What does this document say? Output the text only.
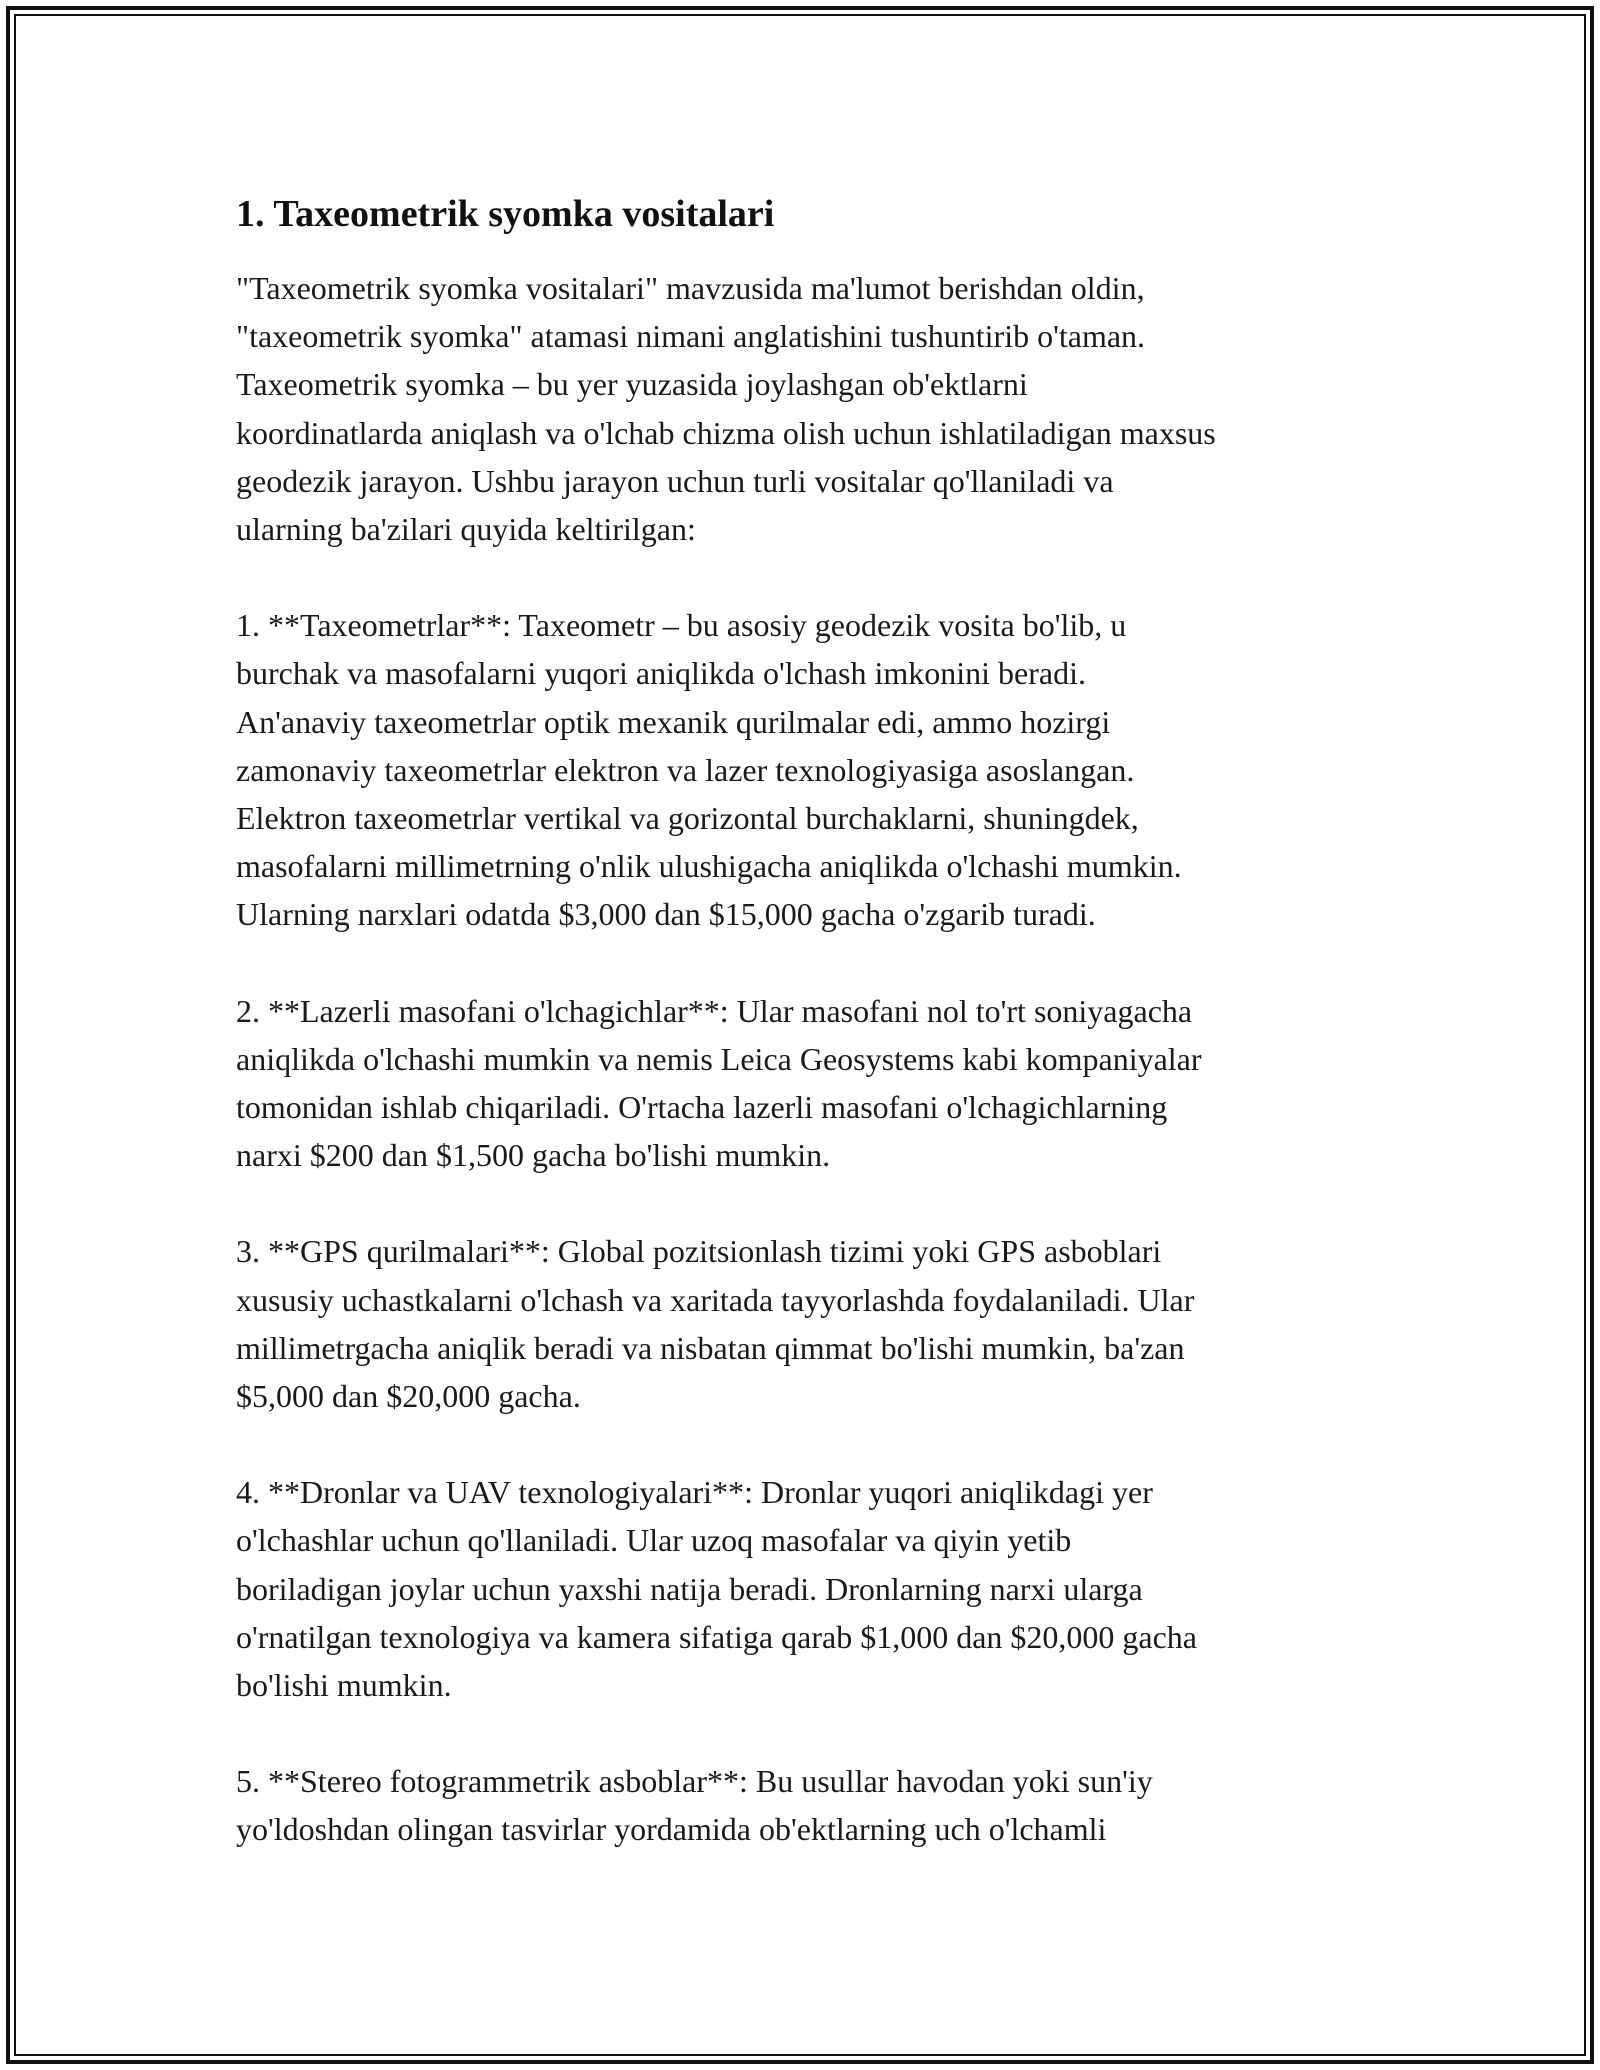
1. Taxeometrik syomka vositalari

"Taxeometrik syomka vositalari" mavzusida ma'lumot berishdan oldin,
"taxeometrik syomka" atamasi nimani anglatishini tushuntirib o'taman.
Taxeometrik syomka – bu yer yuzasida joylashgan ob'ektlarni
koordinatlarda aniqlash va o'lchab chizma olish uchun ishlatiladigan maxsus
geodezik jarayon. Ushbu jarayon uchun turli vositalar qo'llaniladi va
ularning ba'zilari quyida keltirilgan:

1. **Taxeometrlar**: Taxeometr – bu asosiy geodezik vosita bo'lib, u
burchak va masofalarni yuqori aniqlikda o'lchash imkonini beradi.
An'anaviy taxeometrlar optik mexanik qurilmalar edi, ammo hozirgi
zamonaviy taxeometrlar elektron va lazer texnologiyasiga asoslangan.
Elektron taxeometrlar vertikal va gorizontal burchaklarni, shuningdek,
masofalarni millimetrning o'nlik ulushigacha aniqlikda o'lchashi mumkin.
Ularning narxlari odatda $3,000 dan $15,000 gacha o'zgarib turadi.

2. **Lazerli masofani o'lchagichlar**: Ular masofani nol to'rt soniyagacha
aniqlikda o'lchashi mumkin va nemis Leica Geosystems kabi kompaniyalar
tomonidan ishlab chiqariladi. O'rtacha lazerli masofani o'lchagichlarning
narxi $200 dan $1,500 gacha bo'lishi mumkin.

3. **GPS qurilmalari**: Global pozitsionlash tizimi yoki GPS asboblari
xususiy uchastkalarni o'lchash va xaritada tayyorlashda foydalaniladi. Ular
millimetrgacha aniqlik beradi va nisbatan qimmat bo'lishi mumkin, ba'zan
$5,000 dan $20,000 gacha.

4. **Dronlar va UAV texnologiyalari**: Dronlar yuqori aniqlikdagi yer
o'lchashlar uchun qo'llaniladi. Ular uzoq masofalar va qiyin yetib
boriladigan joylar uchun yaxshi natija beradi. Dronlarning narxi ularga
o'rnatilgan texnologiya va kamera sifatiga qarab $1,000 dan $20,000 gacha
bo'lishi mumkin.

5. **Stereo fotogrammetrik asboblar**: Bu usullar havodan yoki sun'iy
yo'ldoshdan olingan tasvirlar yordamida ob'ektlarning uch o'lchamli
